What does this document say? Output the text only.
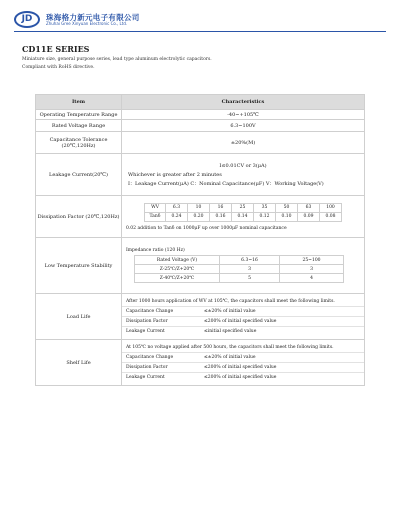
JD	珠海格力新元电子有限公司
Zhuhai Gree Xinyuan Electronic Co., Ltd.
CD11E SERIES
Miniature size, general purpose series, lead type aluminum electrolytic capacitors.
Compliant with RoHS directive.
Item	Characteristics
Operating Temperature Range	-40~+105℃
Rated Voltage Range	6.3~100V

Capacitance Tolerance
(20℃,120Hz)	±20%(M)
Leakage Current(20℃)	
I≤0.01CV or 3(μA)
Whichever is greater after 2 minutes
I：Leakage Current(μA) C：Nominal Capacitance(μF) V：Working Voltage(V)

Dissipation Factor (20℃,120Hz)	
WV	6.3	10	16	25	35	50	63	100
Tanδ	0.24	0.20	0.16	0.14	0.12	0.10	0.09	0.08
0.02 addition to Tanδ on 1000μF up over 1000μF nominal capacitance

Low Temperature Stability	
Impedance ratio (120 Hz)
Rated Voltage (V)	6.3~16	25~100
Z-25℃/Z+20℃	3	3
Z-40℃/Z+20℃	5	4

Load Life	
After 1000 hours application of WV at 105℃, the capacitors shall meet the following limits.
Capacitance Change	≤±20% of initial value
Dissipation Factor	≤200% of initial specified value
Leakage Current	≤initial specified value

Shelf Life	
At 105℃ no voltage applied after 500 hours, the capacitors shall meet the following limits.
Capacitance Change	≤±20% of initial value
Dissipation Factor	≤200% of initial specified value
Leakage Current	≤200% of initial specified value
